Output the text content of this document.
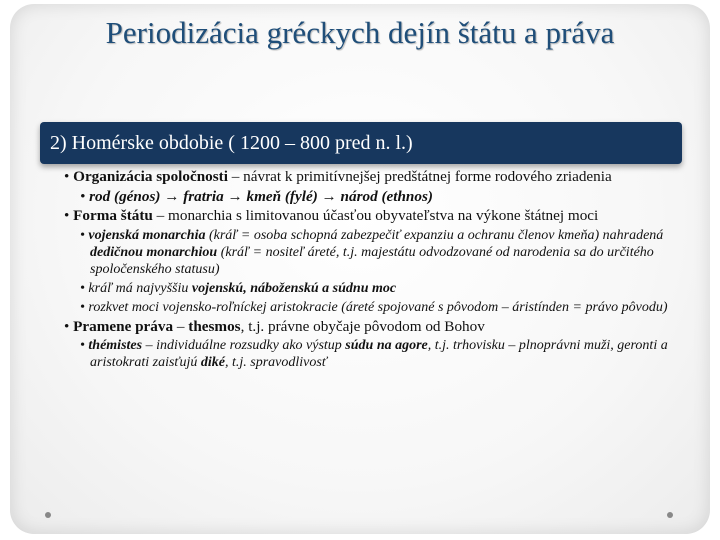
Periodizácia gréckych dejín štátu a práva
2) Homérske obdobie ( 1200 – 800 pred n. l.)

• Organizácia spoločnosti – návrat k primitívnejšej predštátnej forme rodového zriadenia

• rod (génos) → fratria → kmeň (fylé) → národ (ethnos)

• Forma štátu – monarchia s limitovanou účasťou obyvateľstva na výkone štátnej moci

• vojenská monarchia (kráľ = osoba schopná zabezpečiť expanziu a ochranu členov kmeňa) nahradená dedičnou monarchiou (kráľ = nositeľ áreté, t.j. majestátu odvodzované od narodenia sa do určitého spoločenského statusu)

• kráľ má najvyššiu vojenskú, náboženskú a súdnu moc

• rozkvet moci vojensko-roľníckej aristokracie (áreté spojované s pôvodom – áristínden = právo pôvodu)

• Pramene práva – thesmos, t.j. právne obyčaje pôvodom od Bohov

• thémistes – individuálne rozsudky ako výstup súdu na agore, t.j. trhovisku – plnoprávni muži, geronti a aristokrati zaisťujú diké, t.j. spravodlivosť
